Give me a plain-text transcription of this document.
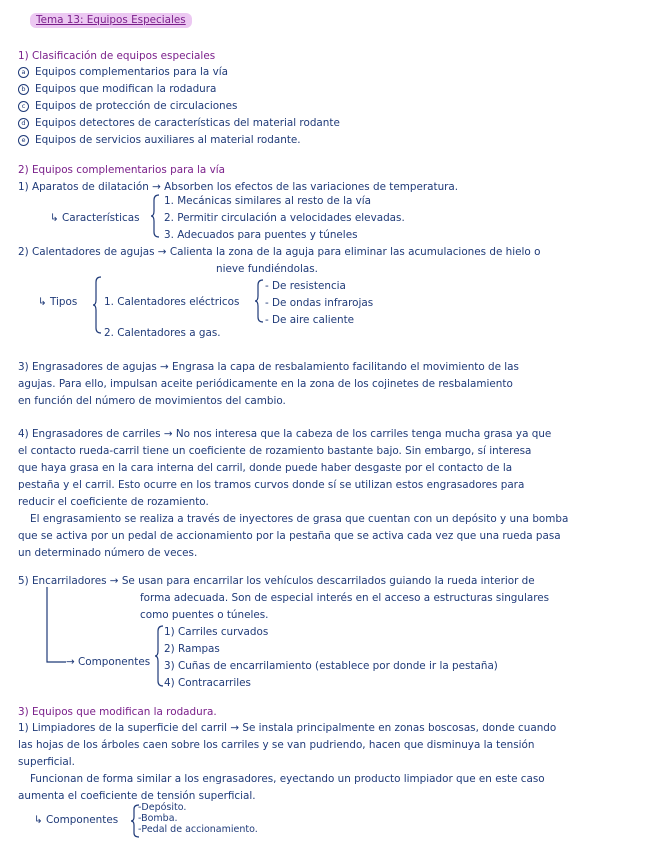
Tema 13: Equipos Especiales
1) Clasificación de equipos especiales
a Equipos complementarios para la vía
b Equipos que modifican la rodadura
c Equipos de protección de circulaciones
d Equipos detectores de características del material rodante
e Equipos de servicios auxiliares al material rodante.
2) Equipos complementarios para la vía
1) Aparatos de dilatación → Absorben los efectos de las variaciones de temperatura.
↳ Características
1. Mecánicas similares al resto de la vía
2. Permitir circulación a velocidades elevadas.
3. Adecuados para puentes y túneles
2) Calentadores de agujas → Calienta la zona de la aguja para eliminar las acumulaciones de hielo o
nieve fundiéndolas.
↳ Tipos	1. Calentadores eléctricos
- De resistencia
- De ondas infrarojas
- De aire caliente
2. Calentadores a gas.
3) Engrasadores de agujas → Engrasa la capa de resbalamiento facilitando el movimiento de las
agujas. Para ello, impulsan aceite periódicamente en la zona de los cojinetes de resbalamiento
en función del número de movimientos del cambio.
4) Engrasadores de carriles → No nos interesa que la cabeza de los carriles tenga mucha grasa ya que
el contacto rueda-carril tiene un coeficiente de rozamiento bastante bajo. Sin embargo, sí interesa
que haya grasa en la cara interna del carril, donde puede haber desgaste por el contacto de la
pestaña y el carril. Esto ocurre en los tramos curvos donde sí se utilizan estos engrasadores para
reducir el coeficiente de rozamiento.
El engrasamiento se realiza a través de inyectores de grasa que cuentan con un depósito y una bomba
que se activa por un pedal de accionamiento por la pestaña que se activa cada vez que una rueda pasa
un determinado número de veces.
5) Encarriladores → Se usan para encarrilar los vehículos descarrilados guiando la rueda interior de
forma adecuada. Son de especial interés en el acceso a estructuras singulares
como puentes o túneles.
→ Componentes
1) Carriles curvados
2) Rampas
3) Cuñas de encarrilamiento (establece por donde ir la pestaña)
4) Contracarriles
3) Equipos que modifican la rodadura.
1) Limpiadores de la superficie del carril → Se instala principalmente en zonas boscosas, donde cuando
las hojas de los árboles caen sobre los carriles y se van pudriendo, hacen que disminuya la tensión
superficial.
Funcionan de forma similar a los engrasadores, eyectando un producto limpiador que en este caso
aumenta el coeficiente de tensión superficial.
↳ Componentes
-Depósito.
-Bomba.
-Pedal de accionamiento.
